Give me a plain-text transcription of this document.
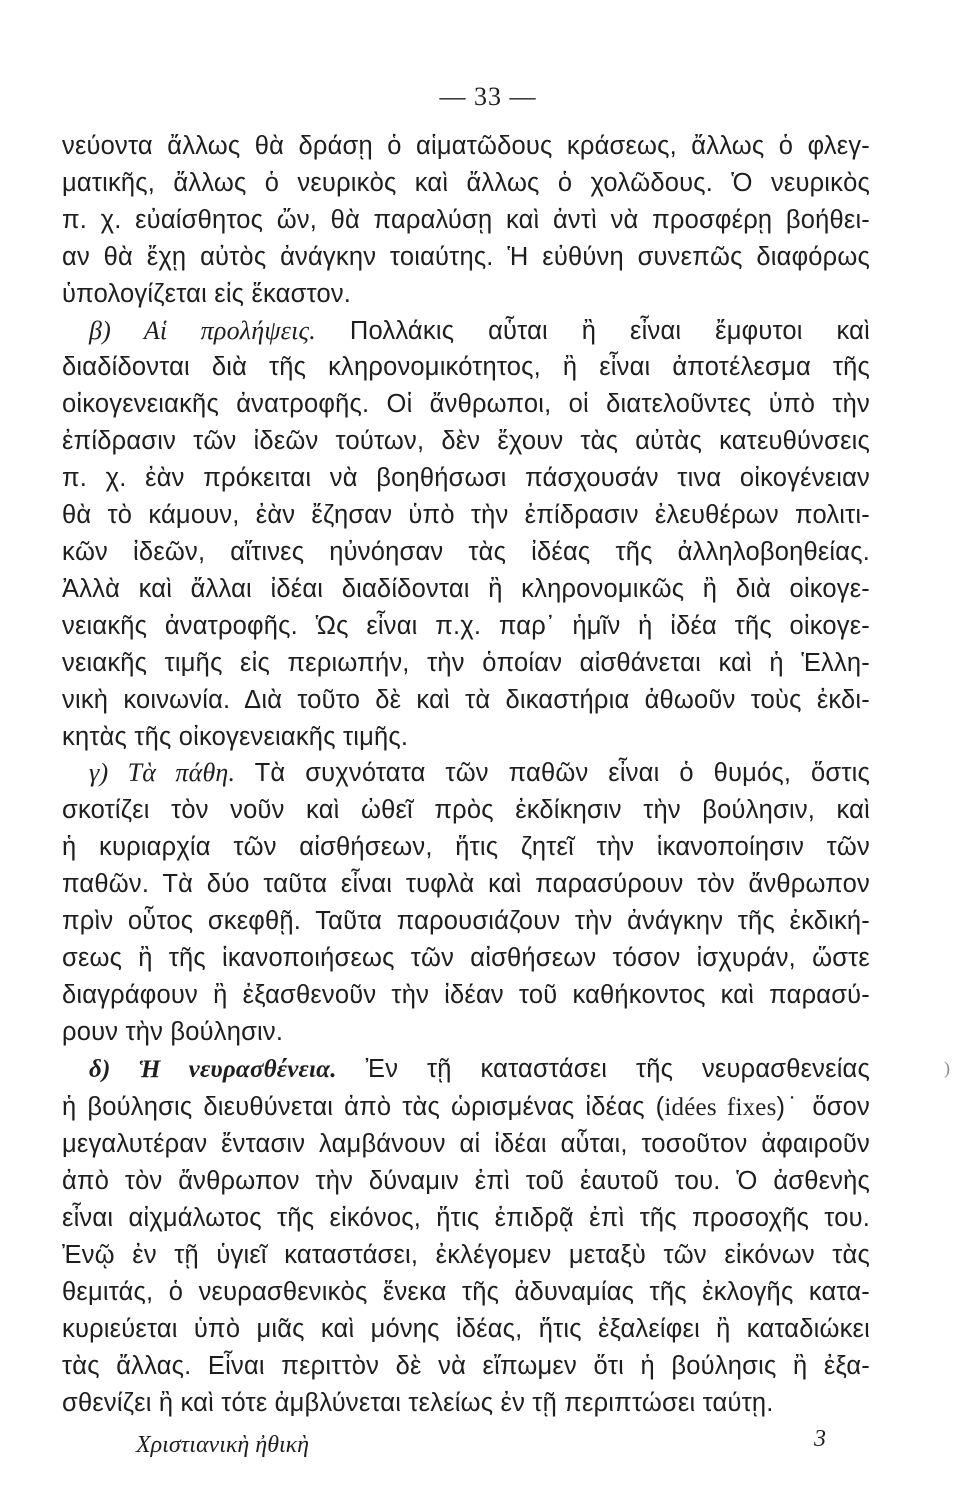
— 33 —
νεύοντα ἄλλως θὰ δράσῃ ὁ αἱματῶδους κράσεως, ἄλλως ὁ φλεγ-
ματικῆς, ἄλλως ὁ νευρικὸς καὶ ἄλλως ὁ χολῶδους. Ὁ νευρικὸς
π. χ. εὐαίσθητος ὤν, θὰ παραλύσῃ καὶ ἀντὶ νὰ προσφέρῃ βοήθει-
αν θὰ ἔχῃ αὐτὸς ἀνάγκην τοιαύτης. Ἡ εὐθύνη συνεπῶς διαφόρως
ὑπολογίζεται εἰς ἕκαστον.
β) Αἱ προλήψεις. Πολλάκις αὗται ἢ εἶναι ἔμφυτοι καὶ
διαδίδονται διὰ τῆς κληρονομικότητος, ἢ εἶναι ἀποτέλεσμα τῆς
οἰκογενειακῆς ἀνατροφῆς. Οἱ ἄνθρωποι, οἱ διατελοῦντες ὑπὸ τὴν
ἐπίδρασιν τῶν ἰδεῶν τούτων, δὲν ἔχουν τὰς αὐτὰς κατευθύνσεις
π. χ. ἐὰν πρόκειται νὰ βοηθήσωσι πάσχουσάν τινα οἰκογένειαν
θὰ τὸ κάμουν, ἐὰν ἔζησαν ὑπὸ τὴν ἐπίδρασιν ἐλευθέρων πολιτι-
κῶν ἰδεῶν, αἵτινες ηὐνόησαν τὰς ἰδέας τῆς ἀλληλοβοηθείας.
Ἀλλὰ καὶ ἄλλαι ἰδέαι διαδίδονται ἢ κληρονομικῶς ἢ διὰ οἰκογε-
νειακῆς ἀνατροφῆς. Ὡς εἶναι π.χ. παρ᾽ ἡμῖν ἡ ἰδέα τῆς οἰκογε-
νειακῆς τιμῆς εἰς περιωπήν, τὴν ὁποίαν αἰσθάνεται καὶ ἡ Ἑλλη-
νικὴ κοινωνία. Διὰ τοῦτο δὲ καὶ τὰ δικαστήρια ἀθωοῦν τοὺς ἐκδι-
κητὰς τῆς οἰκογενειακῆς τιμῆς.
γ) Τὰ πάθη. Τὰ συχνότατα τῶν παθῶν εἶναι ὁ θυμός, ὅστις
σκοτίζει τὸν νοῦν καὶ ὠθεῖ πρὸς ἐκδίκησιν τὴν βούλησιν, καὶ
ἡ κυριαρχία τῶν αἰσθήσεων, ἥτις ζητεῖ τὴν ἱκανοποίησιν τῶν
παθῶν. Τὰ δύο ταῦτα εἶναι τυφλὰ καὶ παρασύρουν τὸν ἄνθρωπον
πρὶν οὗτος σκεφθῇ. Ταῦτα παρουσιάζουν τὴν ἀνάγκην τῆς ἐκδική-
σεως ἢ τῆς ἱκανοποιήσεως τῶν αἰσθήσεων τόσον ἰσχυράν, ὥστε
διαγράφουν ἢ ἐξασθενοῦν τὴν ἰδέαν τοῦ καθήκοντος καὶ παρασύ-
ρουν τὴν βούλησιν.
δ) Ἡ νευρασθένεια. Ἐν τῇ καταστάσει τῆς νευρασθενείας
ἡ βούλησις διευθύνεται ἀπὸ τὰς ὡρισμένας ἰδέας (idées fixes)˙ ὅσον
μεγαλυτέραν ἔντασιν λαμβάνουν αἱ ἰδέαι αὗται, τοσοῦτον ἀφαιροῦν
ἀπὸ τὸν ἄνθρωπον τὴν δύναμιν ἐπὶ τοῦ ἑαυτοῦ του. Ὁ ἀσθενὴς
εἶναι αἰχμάλωτος τῆς εἰκόνος, ἥτις ἐπιδρᾷ ἐπὶ τῆς προσοχῆς του.
Ἐνῷ ἐν τῇ ὑγιεῖ καταστάσει, ἐκλέγομεν μεταξὺ τῶν εἰκόνων τὰς
θεμιτάς, ὁ νευρασθενικὸς ἕνεκα τῆς ἀδυναμίας τῆς ἐκλογῆς κατα-
κυριεύεται ὑπὸ μιᾶς καὶ μόνης ἰδέας, ἥτις ἐξαλείφει ἢ καταδιώκει
τὰς ἄλλας. Εἶναι περιττὸν δὲ νὰ εἴπωμεν ὅτι ἡ βούλησις ἢ ἐξα-
σθενίζει ἢ καὶ τότε ἀμβλύνεται τελείως ἐν τῇ περιπτώσει ταύτῃ.
)
Χριστιανικὴ ἠθικὴ	3
